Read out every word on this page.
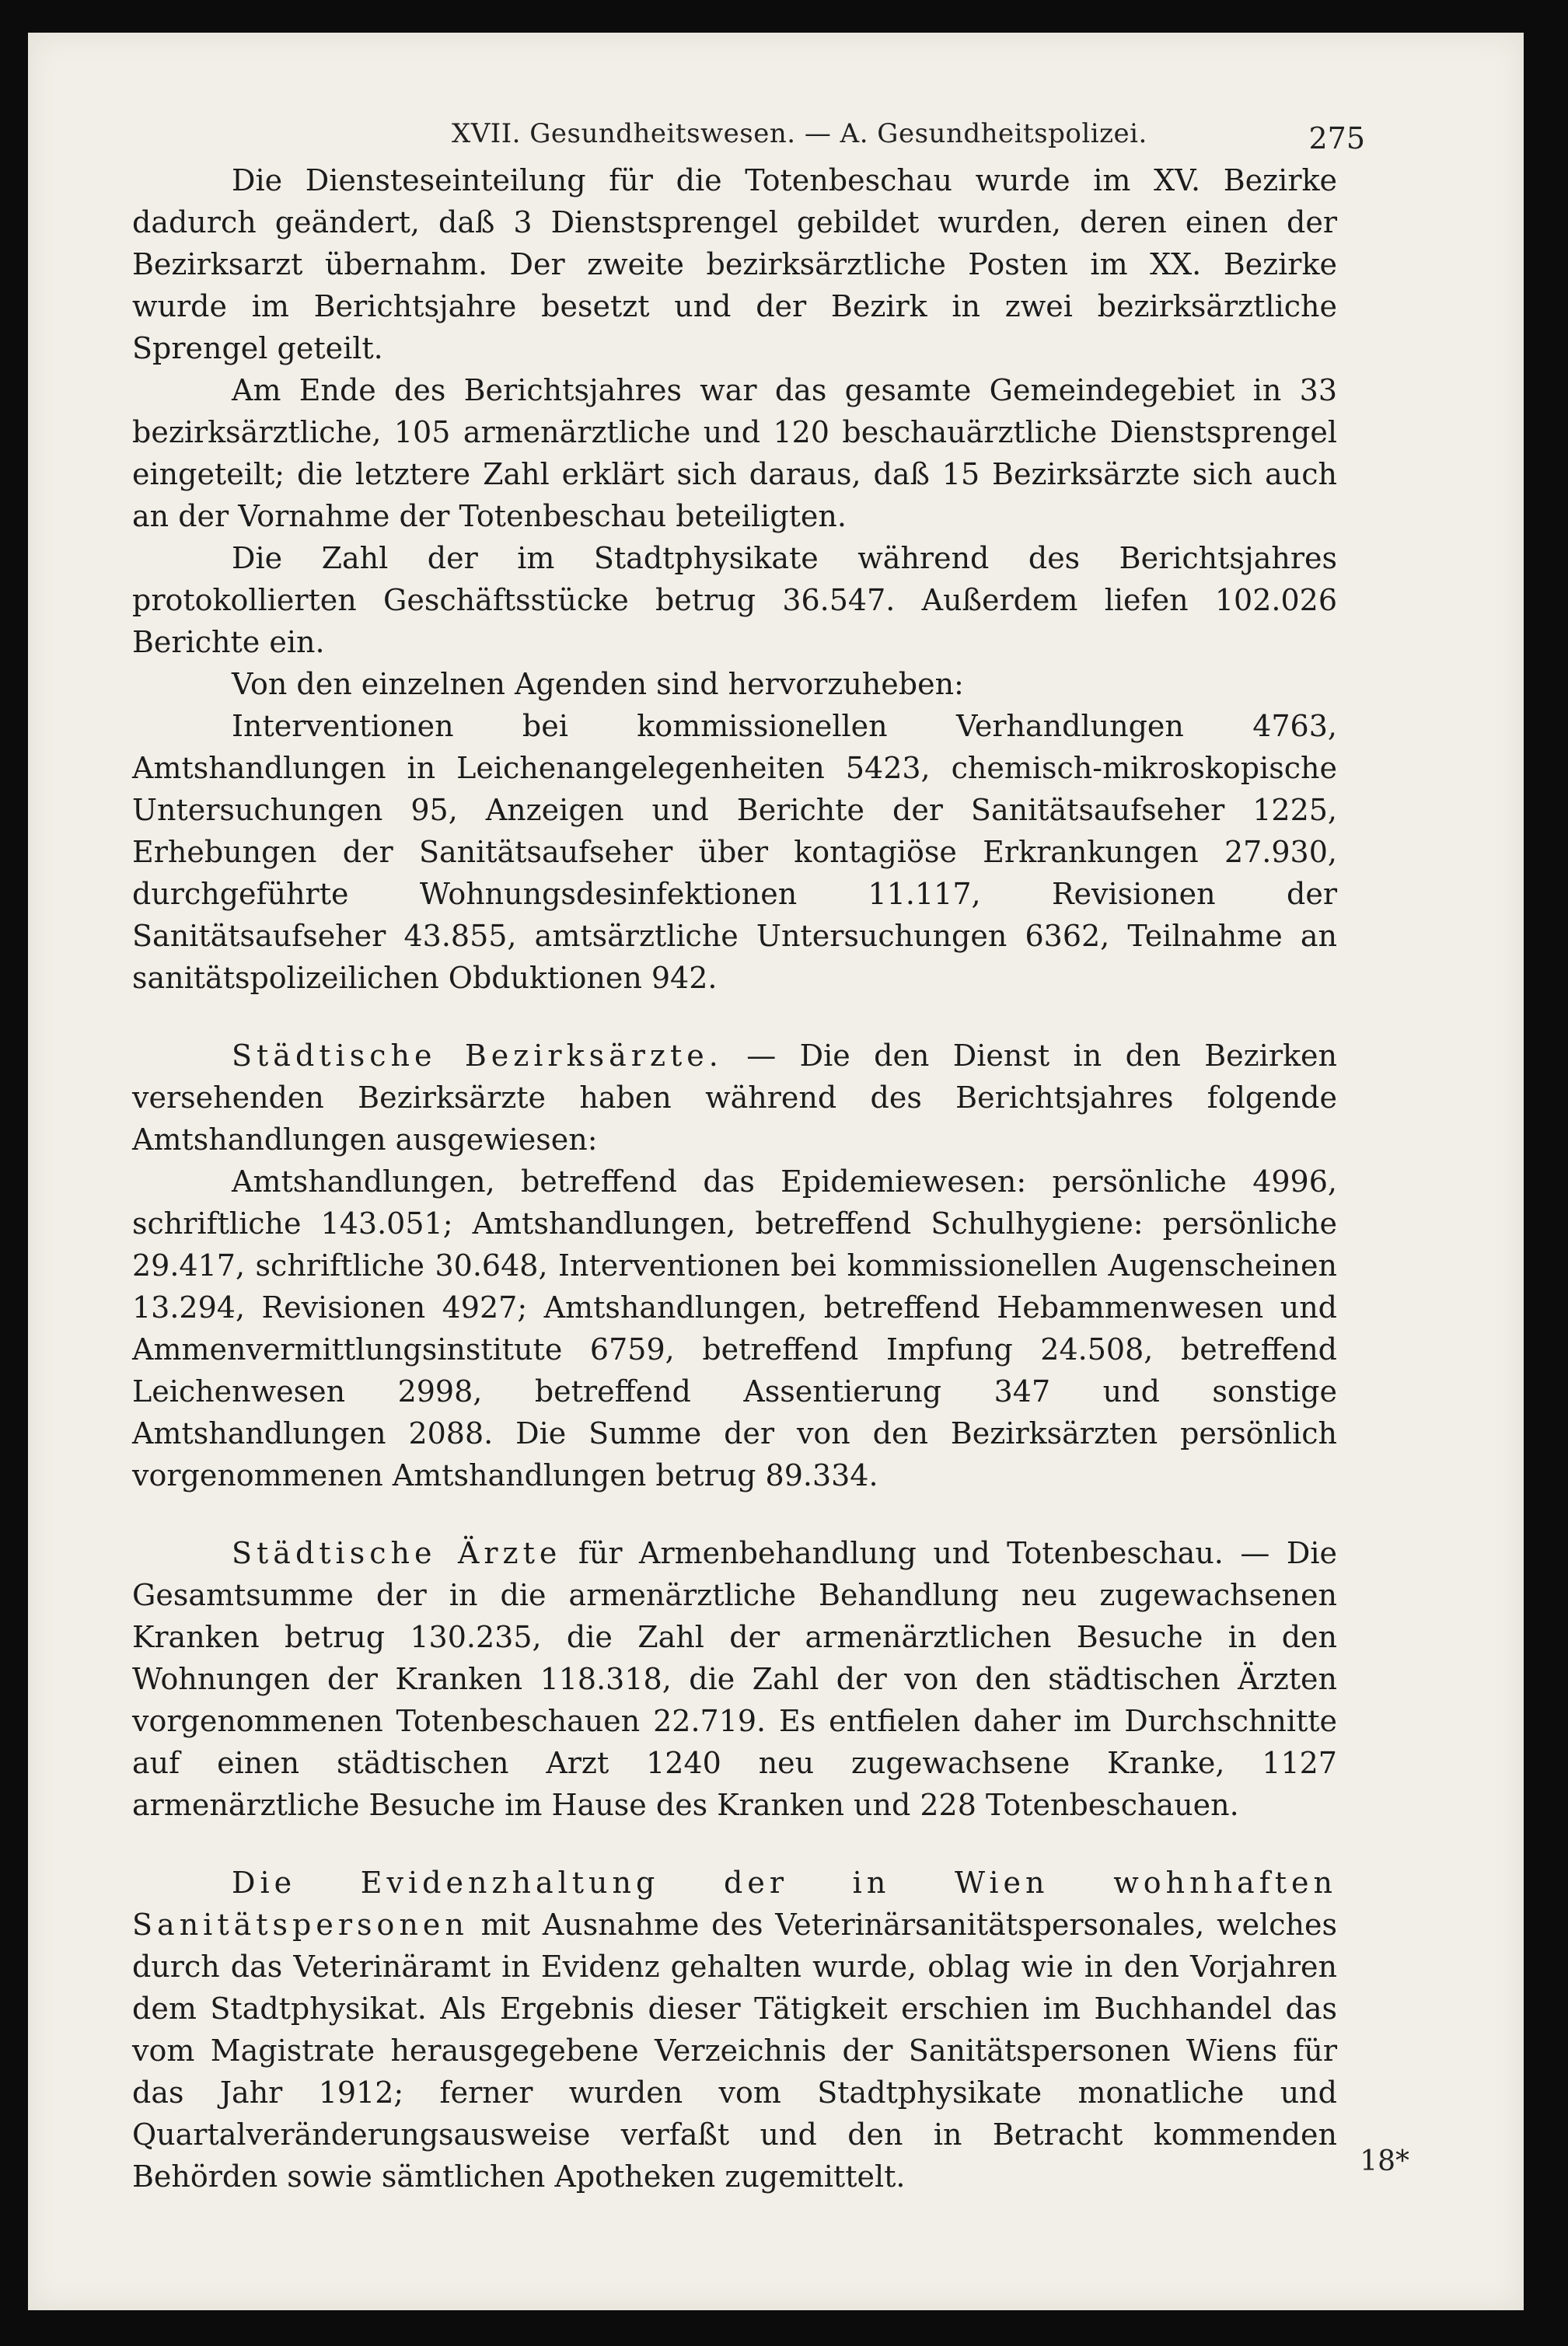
XVII. Gesundheitswesen. — A. Gesundheitspolizei.	275

Die Diensteseinteilung für die Totenbeschau wurde im XV. Bezirke dadurch geändert, daß 3 Dienstsprengel gebildet wurden, deren einen der Bezirksarzt übernahm. Der zweite bezirksärztliche Posten im XX. Bezirke wurde im Berichtsjahre besetzt und der Bezirk in zwei bezirksärztliche Sprengel geteilt.

Am Ende des Berichtsjahres war das gesamte Gemeindegebiet in 33 bezirksärztliche, 105 armenärztliche und 120 beschauärztliche Dienstsprengel eingeteilt; die letztere Zahl erklärt sich daraus, daß 15 Bezirksärzte sich auch an der Vornahme der Totenbeschau beteiligten.

Die Zahl der im Stadtphysikate während des Berichtsjahres protokollierten Geschäftsstücke betrug 36.547. Außerdem liefen 102.026 Berichte ein.

Von den einzelnen Agenden sind hervorzuheben:

Interventionen bei kommissionellen Verhandlungen 4763, Amtshandlungen in Leichenangelegenheiten 5423, chemisch-mikroskopische Untersuchungen 95, Anzeigen und Berichte der Sanitätsaufseher 1225, Erhebungen der Sanitätsaufseher über kontagiöse Erkrankungen 27.930, durchgeführte Wohnungsdesinfektionen 11.117, Revisionen der Sanitätsaufseher 43.855, amtsärztliche Untersuchungen 6362, Teilnahme an sanitätspolizeilichen Obduktionen 942.

Städtische Bezirksärzte. — Die den Dienst in den Bezirken versehenden Bezirksärzte haben während des Berichtsjahres folgende Amtshandlungen ausgewiesen:

Amtshandlungen, betreffend das Epidemiewesen: persönliche 4996, schriftliche 143.051; Amtshandlungen, betreffend Schulhygiene: persönliche 29.417, schriftliche 30.648, Interventionen bei kommissionellen Augenscheinen 13.294, Revisionen 4927; Amtshandlungen, betreffend Hebammenwesen und Ammenvermittlungsinstitute 6759, betreffend Impfung 24.508, betreffend Leichenwesen 2998, betreffend Assentierung 347 und sonstige Amtshandlungen 2088. Die Summe der von den Bezirksärzten persönlich vorgenommenen Amtshandlungen betrug 89.334.

Städtische Ärzte für Armenbehandlung und Totenbeschau. — Die Gesamtsumme der in die armenärztliche Behandlung neu zugewachsenen Kranken betrug 130.235, die Zahl der armenärztlichen Besuche in den Wohnungen der Kranken 118.318, die Zahl der von den städtischen Ärzten vorgenommenen Totenbeschauen 22.719. Es entfielen daher im Durchschnitte auf einen städtischen Arzt 1240 neu zugewachsene Kranke, 1127 armenärztliche Besuche im Hause des Kranken und 228 Totenbeschauen.

Die Evidenzhaltung der in Wien wohnhaften Sanitätspersonen mit Ausnahme des Veterinärsanitätspersonales, welches durch das Veterinäramt in Evidenz gehalten wurde, oblag wie in den Vorjahren dem Stadtphysikat. Als Ergebnis dieser Tätigkeit erschien im Buchhandel das vom Magistrate herausgegebene Verzeichnis der Sanitätspersonen Wiens für das Jahr 1912; ferner wurden vom Stadtphysikate monatliche und Quartalveränderungsausweise verfaßt und den in Betracht kommenden Behörden sowie sämtlichen Apotheken zugemittelt.	18*
